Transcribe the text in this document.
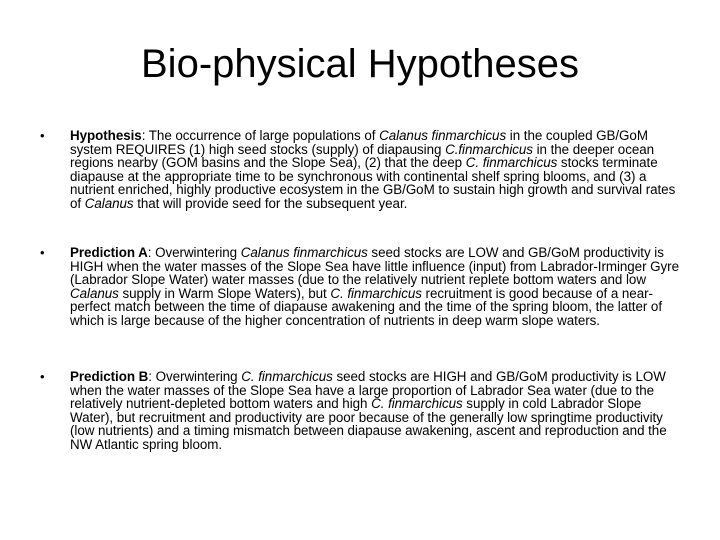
Bio-physical Hypotheses
• Hypothesis: The occurrence of large populations of Calanus finmarchicus in the coupled GB/GoM system REQUIRES (1) high seed stocks (supply) of diapausing C.finmarchicus in the deeper ocean regions nearby (GOM basins and the Slope Sea), (2) that the deep C. finmarchicus stocks terminate diapause at the appropriate time to be synchronous with continental shelf spring blooms, and (3) a nutrient enriched, highly productive ecosystem in the GB/GoM to sustain high growth and survival rates of Calanus that will provide seed for the subsequent year.
• Prediction A: Overwintering Calanus finmarchicus seed stocks are LOW and GB/GoM productivity is HIGH when the water masses of the Slope Sea have little influence (input) from Labrador-Irminger Gyre (Labrador Slope Water) water masses (due to the relatively nutrient replete bottom waters and low Calanus supply in Warm Slope Waters), but C. finmarchicus recruitment is good because of a near-perfect match between the time of diapause awakening and the time of the spring bloom, the latter of which is large because of the higher concentration of nutrients in deep warm slope waters.
• Prediction B: Overwintering C. finmarchicus seed stocks are HIGH and GB/GoM productivity is LOW when the water masses of the Slope Sea have a large proportion of Labrador Sea water (due to the relatively nutrient-depleted bottom waters and high C. finmarchicus supply in cold Labrador Slope Water), but recruitment and productivity are poor because of the generally low springtime productivity (low nutrients) and a timing mismatch between diapause awakening, ascent and reproduction and the NW Atlantic spring bloom.
